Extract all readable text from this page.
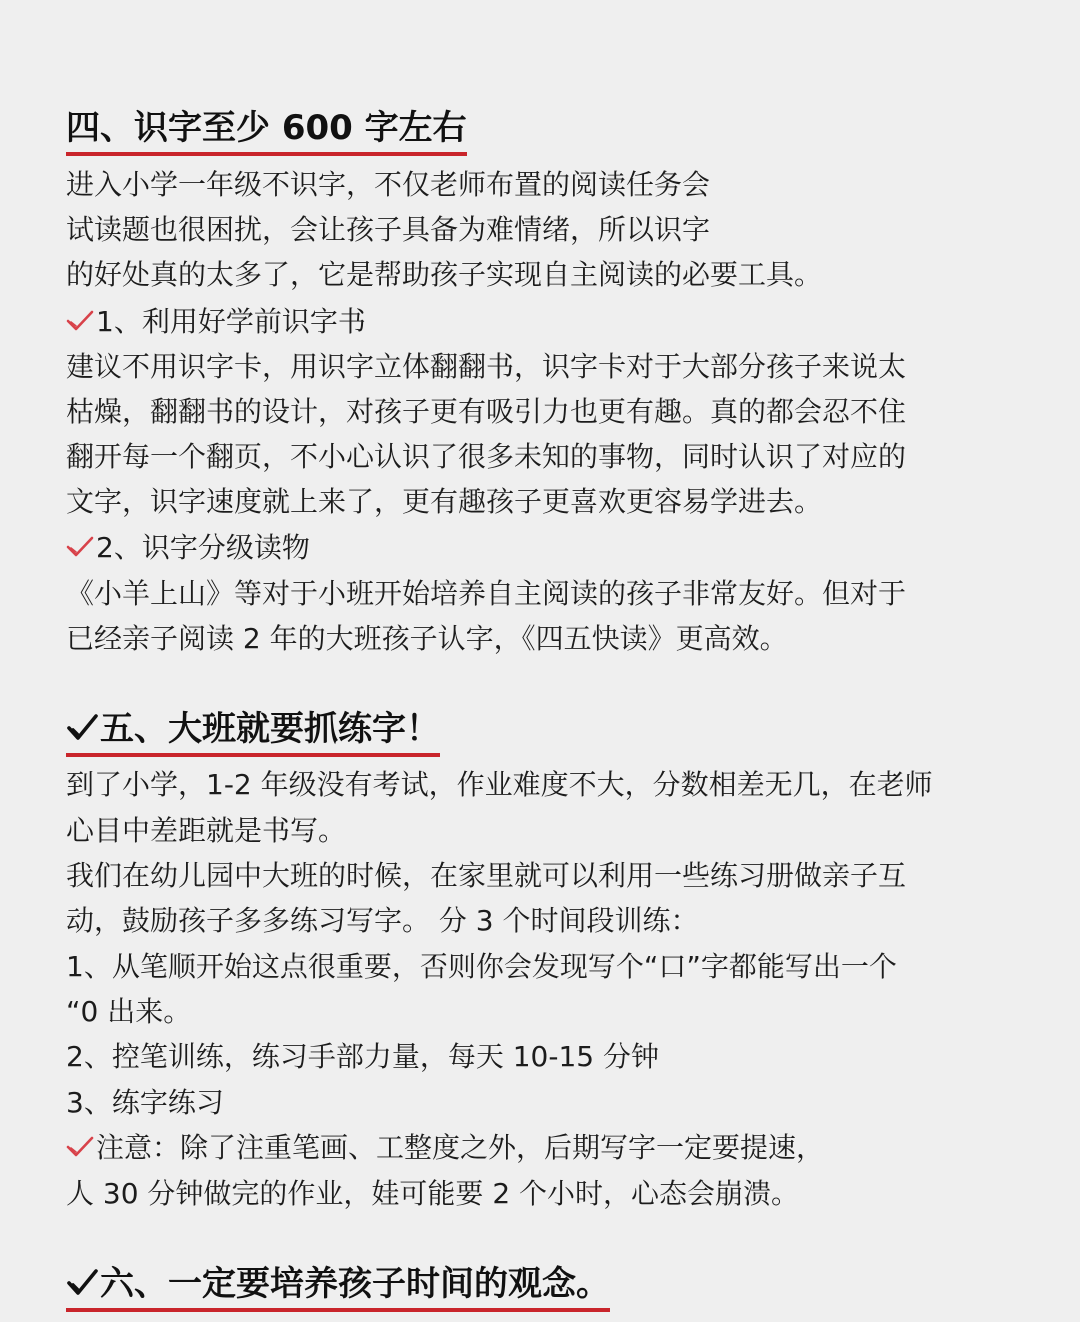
四、识字至少 600 字左右
进入小学一年级不识字，不仅老师布置的阅读任务会
试读题也很困扰，会让孩子具备为难情绪，所以识字
的好处真的太多了，它是帮助孩子实现自主阅读的必要工具。
1、利用好学前识字书
建议不用识字卡，用识字立体翻翻书，识字卡对于大部分孩子来说太
枯燥，翻翻书的设计，对孩子更有吸引力也更有趣。真的都会忍不住
翻开每一个翻页，不小心认识了很多未知的事物，同时认识了对应的
文字，识字速度就上来了，更有趣孩子更喜欢更容易学进去。
2、识字分级读物
《小羊上山》等对于小班开始培养自主阅读的孩子非常友好。但对于
已经亲子阅读 2 年的大班孩子认字，《四五快读》更高效。
五、大班就要抓练字！
到了小学，1-2 年级没有考试，作业难度不大，分数相差无几，在老师
心目中差距就是书写。
我们在幼儿园中大班的时候，在家里就可以利用一些练习册做亲子互
动，鼓励孩子多多练习写字。 分 3 个时间段训练：
1、从笔顺开始这点很重要，否则你会发现写个“口”字都能写出一个
“0 出来。
2、控笔训练，练习手部力量，每天 10-15 分钟
3、练字练习
注意：除了注重笔画、工整度之外，后期写字一定要提速，
人 30 分钟做完的作业，娃可能要 2 个小时，心态会崩溃。
六、一定要培养孩子时间的观念。
